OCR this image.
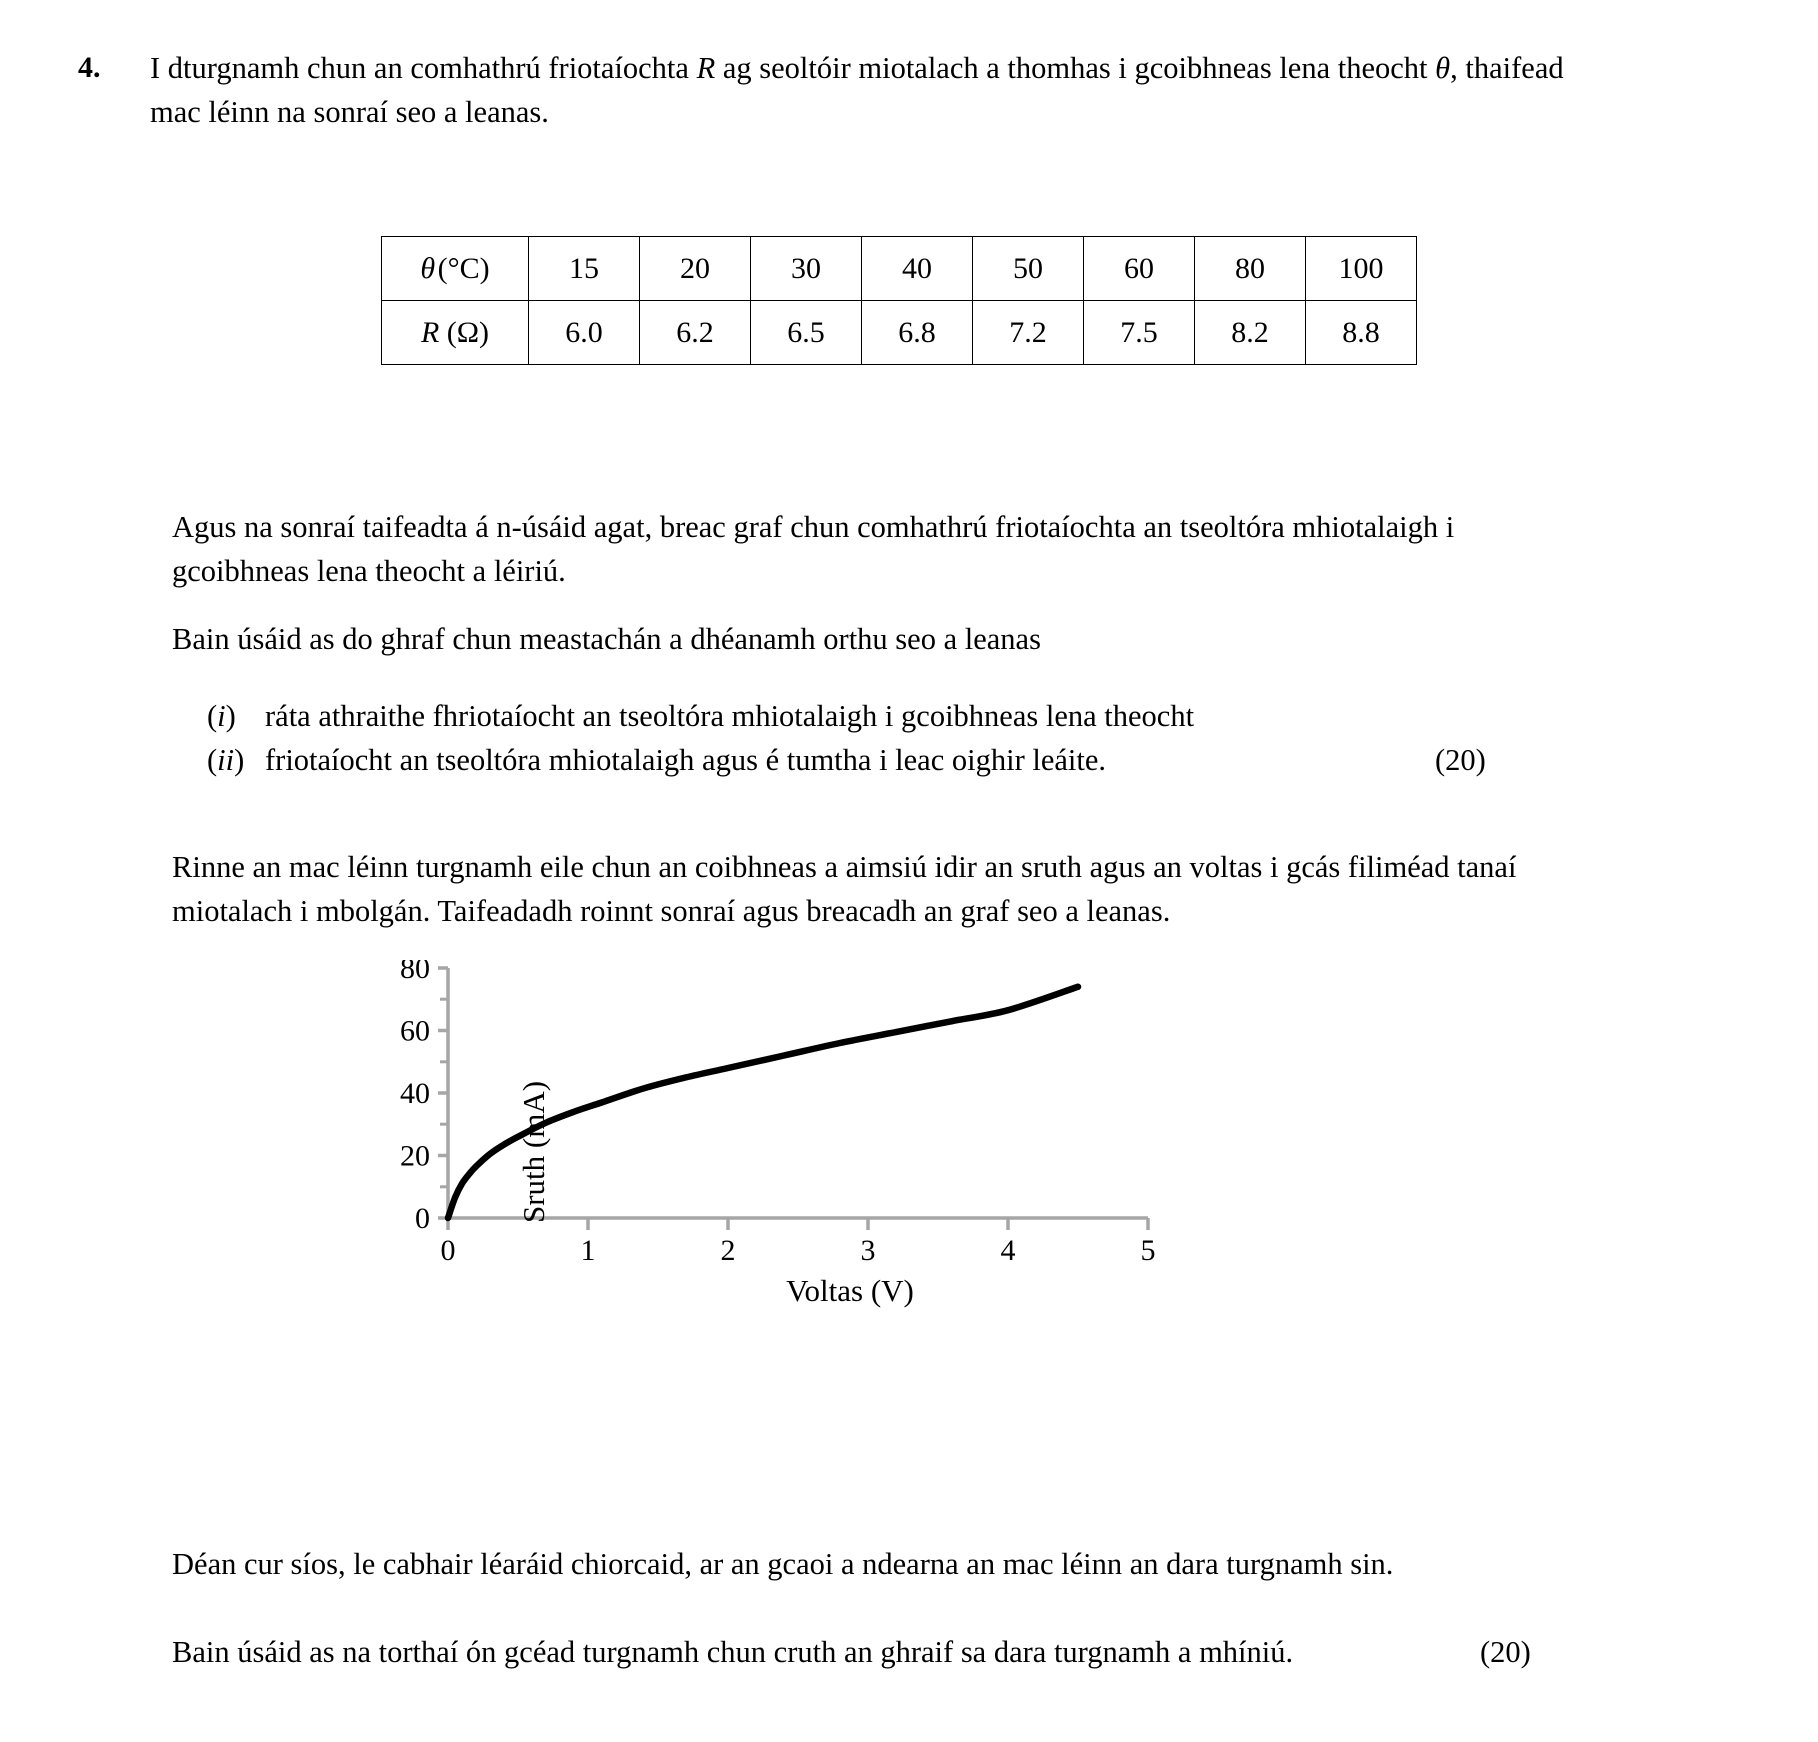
4.	I dturgnamh chun an comhathrú friotaíochta R ag seoltóir miotalach a thomhas i gcoibhneas lena theocht θ, thaifead mac léinn na sonraí seo a leanas.
θ (°C)	15	20	30	40	50	60	80	100
R (Ω)	6.0	6.2	6.5	6.8	7.2	7.5	8.2	8.8
Agus na sonraí taifeadta á n-úsáid agat, breac graf chun comhathrú friotaíochta an tseoltóra mhiotalaigh i gcoibhneas lena theocht a léiriú.
Bain úsáid as do ghraf chun meastachán a dhéanamh orthu seo a leanas
(i) ráta athraithe fhriotaíocht an tseoltóra mhiotalaigh i gcoibhneas lena theocht
(ii) friotaíocht an tseoltóra mhiotalaigh agus é tumtha i leac oighir leáite.	(20)
Rinne an mac léinn turgnamh eile chun an coibhneas a aimsiú idir an sruth agus an voltas i gcás filiméad tanaí miotalach i mbolgán. Taifeadadh roinnt sonraí agus breacadh an graf seo a leanas.
80
60
40
20
0
0	1	2	3	4	5
Sruth (mA)
Voltas (V)
Déan cur síos, le cabhair léaráid chiorcaid, ar an gcaoi a ndearna an mac léinn an dara turgnamh sin.
Bain úsáid as na torthaí ón gcéad turgnamh chun cruth an ghraif sa dara turgnamh a mhíniú.	(20)
